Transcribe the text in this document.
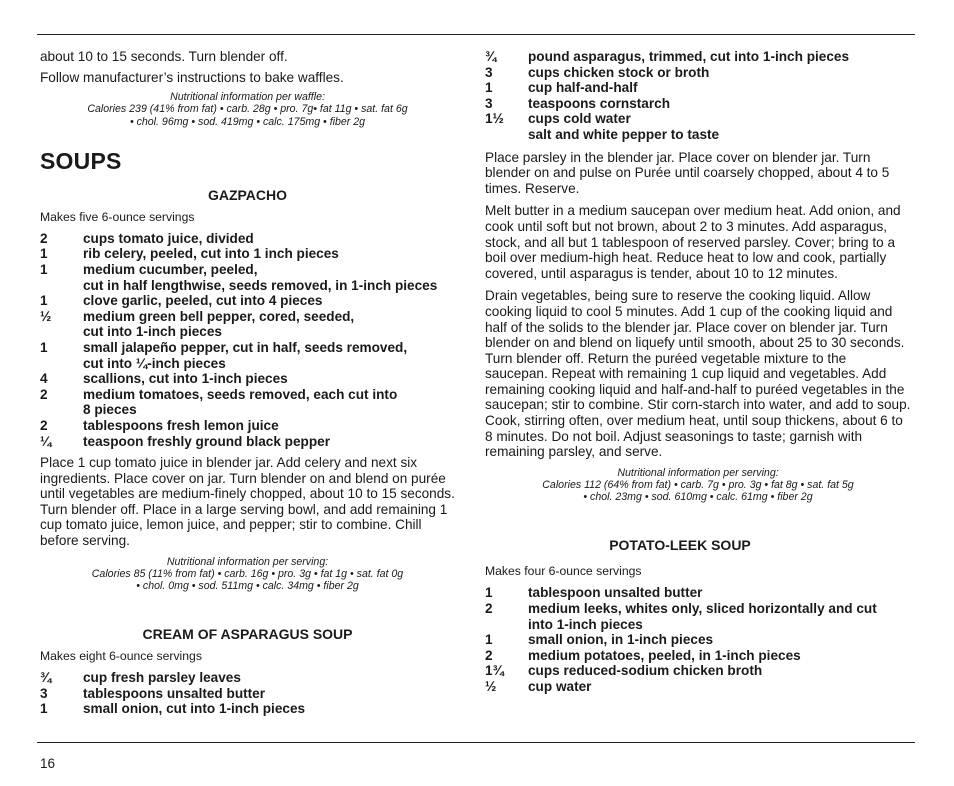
about 10 to 15 seconds. Turn blender off.

Follow manufacturer’s instructions to bake waffles.

Nutritional information per waffle:

Calories 239 (41% from fat) • carb. 28g • pro. 7g• fat 11g • sat. fat 6g

• chol. 96mg • sod. 419mg • calc. 175mg • fiber 2g

SOUPS
GAZPACHO
Makes five 6-ounce servings
2	cups tomato juice, divided
1	rib celery, peeled, cut into 1 inch pieces
1	medium cucumber, peeled,
cut in half lengthwise, seeds removed, in 1-inch pieces
1	clove garlic, peeled, cut into 4 pieces
½	medium green bell pepper, cored, seeded,
cut into 1-inch pieces
1	small jalapeño pepper, cut in half, seeds removed,
cut into ¼-inch pieces
4	scallions, cut into 1-inch pieces
2	medium tomatoes, seeds removed, each cut into
8 pieces
2	tablespoons fresh lemon juice
¼	teaspoon freshly ground black pepper

Place 1 cup tomato juice in blender jar. Add celery and next six ingredients. Place cover on jar. Turn blender on and blend on purée until vegetables are medium-finely chopped, about 10 to 15 seconds. Turn blender off. Place in a large serving bowl, and add remaining 1 cup tomato juice, lemon juice, and pepper; stir to combine. Chill before serving.

Nutritional information per serving:

Calories 85 (11% from fat) • carb. 16g • pro. 3g • fat 1g • sat. fat 0g

• chol. 0mg • sod. 511mg • calc. 34mg • fiber 2g

CREAM OF ASPARAGUS SOUP
Makes eight 6-ounce servings
¾	cup fresh parsley leaves
3	tablespoons unsalted butter
1	small onion, cut into 1-inch pieces
¾	pound asparagus, trimmed, cut into 1-inch pieces
3	cups chicken stock or broth
1	cup half-and-half
3	teaspoons cornstarch
1½	cups cold water
salt and white pepper to taste

Place parsley in the blender jar. Place cover on blender jar. Turn blender on and pulse on Purée until coarsely chopped, about 4 to 5 times. Reserve.

Melt butter in a medium saucepan over medium heat. Add onion, and cook until soft but not brown, about 2 to 3 minutes. Add asparagus, stock, and all but 1 tablespoon of reserved parsley. Cover; bring to a boil over medium-high heat. Reduce heat to low and cook, partially covered, until asparagus is tender, about 10 to 12 minutes.

Drain vegetables, being sure to reserve the cooking liquid. Allow cooking liquid to cool 5 minutes. Add 1 cup of the cooking liquid and half of the solids to the blender jar. Place cover on blender jar. Turn blender on and blend on liquefy until smooth, about 25 to 30 seconds. Turn blender off. Return the puréed vegetable mixture to the saucepan. Repeat with remaining 1 cup liquid and vegetables. Add remaining cooking liquid and half-and-half to puréed vegetables in the saucepan; stir to combine. Stir corn-starch into water, and add to soup. Cook, stirring often, over medium heat, until soup thickens, about 6 to 8 minutes. Do not boil. Adjust seasonings to taste; garnish with remaining parsley, and serve.

Nutritional information per serving:

Calories 112 (64% from fat) • carb. 7g • pro. 3g • fat 8g • sat. fat 5g

• chol. 23mg • sod. 610mg • calc. 61mg • fiber 2g

POTATO-LEEK SOUP
Makes four 6-ounce servings
1	tablespoon unsalted butter
2	medium leeks, whites only, sliced horizontally and cut
into 1-inch pieces
1	small onion, in 1-inch pieces
2	medium potatoes, peeled, in 1-inch pieces
1¾	cups reduced-sodium chicken broth
½	cup water
16
